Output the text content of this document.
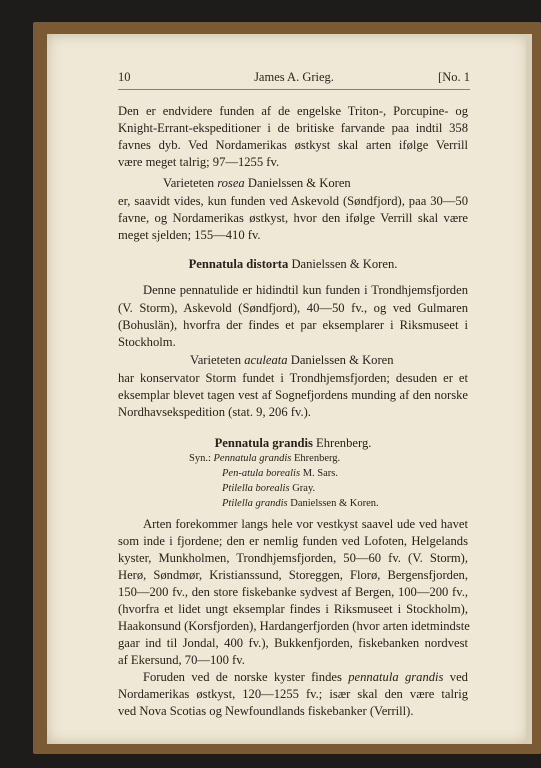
10	James A. Grieg.	[No. 1
Den er endvidere funden af de engelske Triton-, Porcupine- og
Knight-Errant-ekspeditioner i de britiske farvande paa indtil 358
favnes dyb. Ved Nordamerikas østkyst skal arten ifølge Verrill
være meget talrig; 97—1255 fv.
Varieteten rosea Danielssen & Koren
er, saavidt vides, kun funden ved Askevold (Søndfjord), paa 30—50
favne, og Nordamerikas østkyst, hvor den ifølge Verrill skal være
meget sjelden; 155—410 fv.
Pennatula distorta Danielssen & Koren.
Denne pennatulide er hidindtil kun funden i Trondhjemsfjorden
(V. Storm), Askevold (Søndfjord), 40—50 fv., og ved Gulmaren
(Bohuslän), hvorfra der findes et par eksemplarer i Riksmuseet i
Stockholm.
Varieteten aculeata Danielssen & Koren
har konservator Storm fundet i Trondhjemsfjorden; desuden er et
eksemplar blevet tagen vest af Sognefjordens munding af den norske
Nordhavsekspedition (stat. 9, 206 fv.).
Pennatula grandis Ehrenberg.
Syn.: Pennatula grandis Ehrenberg.
Pen-atula borealis M. Sars.
Ptilella borealis Gray.
Ptilella grandis Danielssen & Koren.
Arten forekommer langs hele vor vestkyst saavel ude ved havet
som inde i fjordene; den er nemlig funden ved Lofoten, Helgelands
kyster, Munkholmen, Trondhjemsfjorden, 50—60 fv. (V. Storm),
Herø, Søndmør, Kristianssund, Storeggen, Florø, Bergensfjorden,
150—200 fv., den store fiskebanke sydvest af Bergen, 100—200 fv.,
(hvorfra et lidet ungt eksemplar findes i Riksmuseet i Stockholm),
Haakonsund (Korsfjorden), Hardangerfjorden (hvor arten idetmindste
gaar ind til Jondal, 400 fv.), Bukkenfjorden, fiskebanken nordvest
af Ekersund, 70—100 fv.
Foruden ved de norske kyster findes pennatula grandis ved
Nordamerikas østkyst, 120—1255 fv.; især skal den være talrig
ved Nova Scotias og Newfoundlands fiskebanker (Verrill).
